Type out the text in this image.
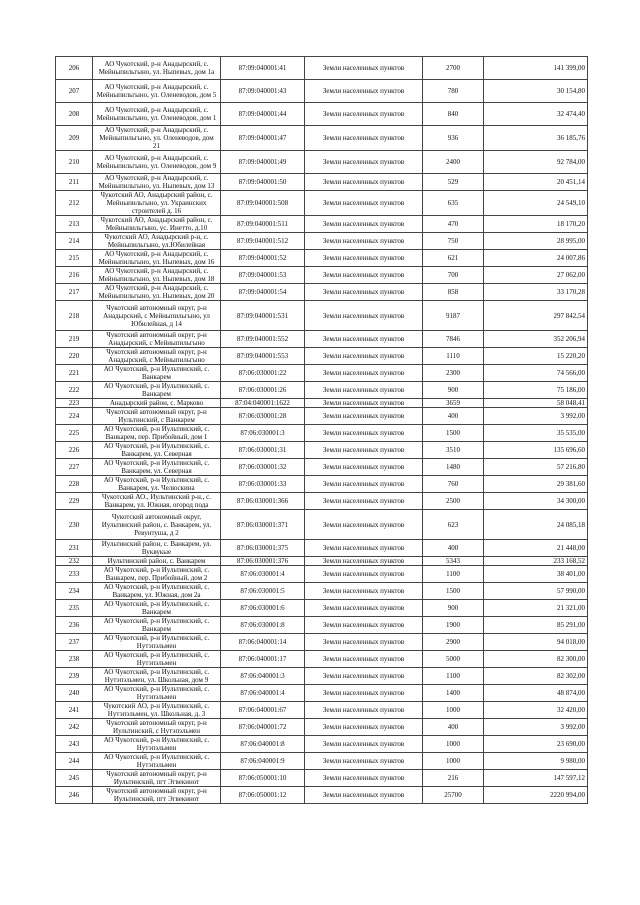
206	АО Чукотский, р-н Анадырский, с. Мейныпильгыно, ул. Ныпевых, дом 1а	87:09:040001:41	Земли населенных пунктов	2700	141 399,00
207	АО Чукотский, р-н Анадырский, с. Мейныпильгыно, ул. Оленеводов, дом 5	87:09:040001:43	Земли населенных пунктов	780	30 154,80
208	АО Чукотский, р-н Анадырский, с. Мейныпильгыно, ул. Оленеводов, дом 1	87:09:040001:44	Земли населенных пунктов	840	32 474,40
209	АО Чукотский, р-н Анадырский, с. Мейныпильгыно, ул. Оленеводов, дом 21	87:09:040001:47	Земли населенных пунктов	936	36 185,76
210	АО Чукотский, р-н Анадырский, с. Мейныпильгыно, ул. Оленеводов, дом 9	87:09:040001:49	Земли населенных пунктов	2400	92 784,00
211	АО Чукотский, р-н Анадырский, с. Мейныпильгыно, ул. Ныпевых, дом 13	87:09:040001:50	Земли населенных пунктов	529	20 451,14
212	Чукотский АО, Анадырский район, с. Мейныпильгыно, ул. Украинских строителей д. 16	87:09:040001:508	Земли населенных пунктов	635	24 549,10
213	Чукотский АО, Анадырский район, с. Мейныпильгыно, ус. Инетто, д.10	87:09:040001:511	Земли населенных пунктов	470	18 170,20
214	Чукотский АО, Анадырский р-н, с. Мейныпильгыно, ул.Юбилейная	87:09:040001:512	Земли населенных пунктов	750	28 995,00
215	АО Чукотский, р-н Анадырский, с. Мейныпильгыно, ул. Ныпевых, дом 16	87:09:040001:52	Земли населенных пунктов	621	24 007,86
216	АО Чукотский, р-н Анадырский, с. Мейныпильгыно, ул. Ныпевых, дом 18	87:09:040001:53	Земли населенных пунктов	700	27 062,00
217	АО Чукотский, р-н Анадырский, с. Мейныпильгыно, ул. Ныпевых, дом 20	87:09:040001:54	Земли населенных пунктов	858	33 170,28
218	Чукотский автономный округ, р-н Анадырский, с Мейныпильгыно, ул Юбилейная, д 14	87:09:040001:531	Земли населенных пунктов	9187	297 842,54
219	Чукотский автономный округ, р-н Анадырский, с Мейныпильгыно	87:09:040001:552	Земли населенных пунктов	7846	352 206,94
220	Чукотский автономный округ, р-н Анадырский, с Мейныпильгыно	87:09:040001:553	Земли населенных пунктов	1110	15 220,20
221	АО Чукотский, р-н Иультинский, с. Ванкарем	87:06:030001:22	Земли населенных пунктов	2300	74 566,00
222	АО Чукотский, р-н Иультинский, с. Ванкарем	87:06:030001:26	Земли населенных пунктов	900	75 186,00
223	Анадырский район, с. Марково	87:04:040001:1622	Земли населенных пунктов	3659	58 048,41
224	Чукотский автономный округ, р-н Иультинский, с Ванкарем	87:06:030001:28	Земли населенных пунктов	400	3 992,00
225	АО Чукотский, р-н Иультинский, с. Ванкарем, пер. Прибойный, дом 1	87:06:030001:3	Земли населенных пунктов	1500	35 535,00
226	АО Чукотский, р-н Иультинский, с. Ванкарем, ул. Северная	87:06:030001:31	Земли населенных пунктов	3510	135 696,60
227	АО Чукотский, р-н Иультинский, с. Ванкарем, ул. Северная	87:06:030001:32	Земли населенных пунктов	1480	57 216,80
228	АО Чукотский, р-н Иультинский, с. Ванкарем, ул. Челюскина	87:06:030001:33	Земли населенных пунктов	760	29 381,60
229	Чукотский АО., Иультинский р-н., с. Ванкарем, ул. Южная, огород пода	87:06:030001:366	Земли населенных пунктов	2500	34 300,00
230	Чукотский автономный округ, Иультинский район, с. Ванкарем, ул. Ревунтуша, д 2	87:06:030001:371	Земли населенных пунктов	623	24 085,18
231	Иультинский район, с. Ванкарем, ул. Вуквукые	87:06:030001:375	Земли населенных пунктов	400	21 448,00
232	Иультинский район, с. Ванкарем	87:06:030001:376	Земли населенных пунктов	5343	233 168,52
233	АО Чукотский, р-н Иультинский, с. Ванкарем, пер. Прибойный, дом 2	87:06:030001:4	Земли населенных пунктов	1100	38 401,00
234	АО Чукотский, р-н Иультинский, с. Ванкарем, ул. Южная, дом 2а	87:06:030001:5	Земли населенных пунктов	1500	57 990,00
235	АО Чукотский, р-н Иультинский, с. Ванкарем	87:06:030001:6	Земли населенных пунктов	900	21 321,00
236	АО Чукотский, р-н Иультинский, с. Ванкарем	87:06:030001:8	Земли населенных пунктов	1900	85 291,00
237	АО Чукотский, р-н Иультинский, с. Нутэпэльмен	87:06:040001:14	Земли населенных пунктов	2900	94 018,00
238	АО Чукотский, р-н Иультинский, с. Нутэпэльмен	87:06:040001:17	Земли населенных пунктов	5000	82 300,00
239	АО Чукотский, р-н Иультинский, с. Нутэпэльмен, ул. Школьная, дом 9	87:06:040001:3	Земли населенных пунктов	1100	82 302,00
240	АО Чукотский, р-н Иультинский, с. Нутэпэльмен	87:06:040001:4	Земли населенных пунктов	1400	48 874,00
241	Чукотский АО, р-н Иультинский, с. Нутэпэльмен, ул. Школьная, д. 3	87:06:040001:67	Земли населенных пунктов	1000	32 420,00
242	Чукотский автономный округ, р-н Иультинский, с Нутэпэльмен	87:06:040001:72	Земли населенных пунктов	400	3 992,00
243	АО Чукотский, р-н Иультинский, с. Нутэпэльмен	87:06:040001:8	Земли населенных пунктов	1000	23 690,00
244	АО Чукотский, р-н Иультинский, с. Нутэпэльмен	87:06:040001:9	Земли населенных пунктов	1000	9 980,00
245	Чукотский автономный округ, р-н Иультинский, пгт Эгвекинот	87:06:050001:10	Земли населенных пунктов	216	147 597,12
246	Чукотский автономный округ, р-н Иультинский, пгт Эгвекинот	87:06:050001:12	Земли населенных пунктов	25700	2220 994,00
